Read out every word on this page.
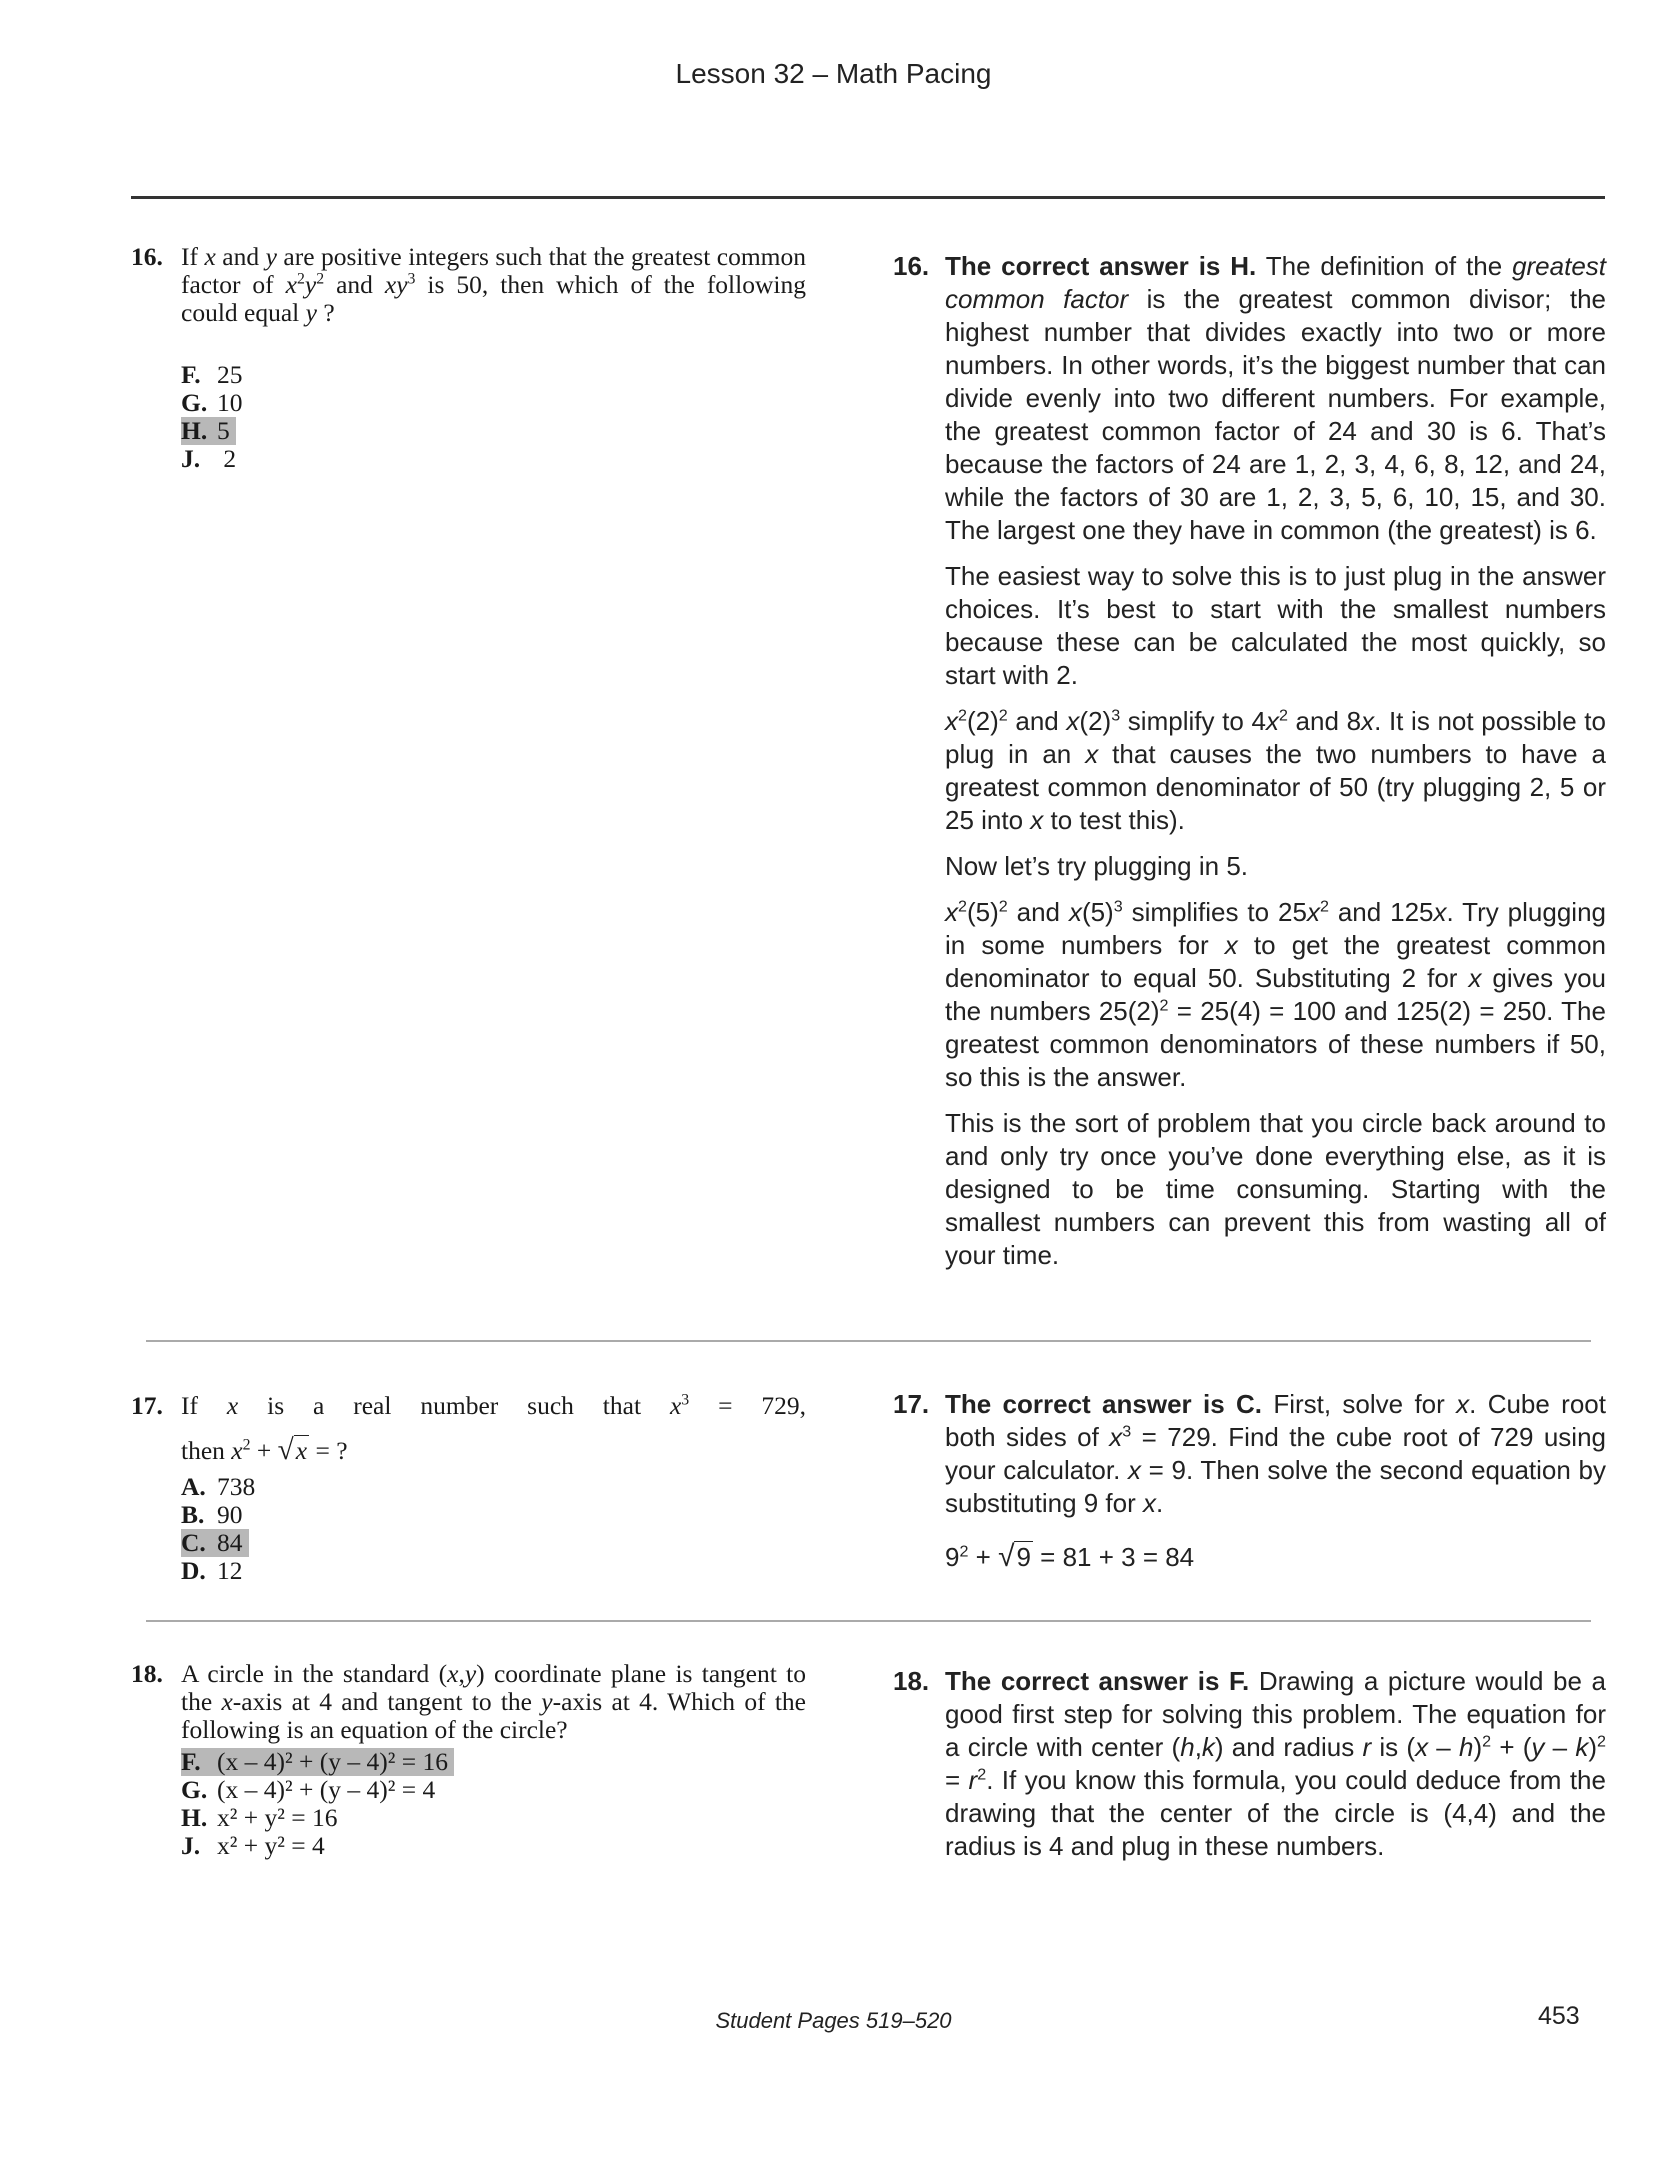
Lesson 32 – Math Pacing
16. If x and y are positive integers such that the greatest common factor of $x^2y^2$ and $xy^3$ is 50, then which of the following could equal y ?
F. 25
G. 10
H. 5
J. 2
16. The correct answer is H. The definition of the greatest common factor is the greatest common divisor; the highest number that divides exactly into two or more numbers. In other words, it’s the biggest number that can divide evenly into two different numbers. For example, the greatest common factor of 24 and 30 is 6. That’s because the factors of 24 are 1, 2, 3, 4, 6, 8, 12, and 24, while the factors of 30 are 1, 2, 3, 5, 6, 10, 15, and 30. The largest one they have in common (the greatest) is 6.

The easiest way to solve this is to just plug in the answer choices. It’s best to start with the smallest numbers because these can be calculated the most quickly, so start with 2.

$x^2(2)^2$ and $x(2)^3$ simplify to $4x^2$ and 8x. It is not possible to plug in an x that causes the two numbers to have a greatest common denominator of 50 (try plugging 2, 5 or 25 into x to test this).

Now let’s try plugging in 5.

$x^2(5)^2$ and $x(5)^3$ simplifies to $25x^2$ and 125x. Try plugging in some numbers for x to get the greatest common denominator to equal 50. Substituting 2 for x gives you the numbers $25(2)^2 = 25(4) = 100$ and 125(2) = 250. The greatest common denominators of these numbers if 50, so this is the answer.

This is the sort of problem that you circle back around to and only try once you’ve done everything else, as it is designed to be time consuming. Starting with the smallest numbers can prevent this from wasting all of your time.

17. If x is a real number such that $x^3 = 729$,
then $x^2 + √x$ = ?
A. 738
B. 90
C. 84
D. 12
17. The correct answer is C. First, solve for x. Cube root both sides of $x^3 = 729$. Find the cube root of 729 using your calculator. x = 9. Then solve the second equation by substituting 9 for x.

$9^2 + √9 = 81 + 3 = 84$

18. A circle in the standard (x,y) coordinate plane is tangent to the x-axis at 4 and tangent to the y-axis at 4. Which of the following is an equation of the circle?
F. (x – 4)² + (y – 4)² = 16
G. (x – 4)² + (y – 4)² = 4
H. x² + y² = 16
J. x² + y² = 4
18. The correct answer is F. Drawing a picture would be a good first step for solving this problem. The equation for a circle with center (h,k) and radius r is $(x - h)^2 + (y - k)^2 = r^2$. If you know this formula, you could deduce from the drawing that the center of the circle is (4,4) and the radius is 4 and plug in these numbers.

Student Pages 519–520	453
